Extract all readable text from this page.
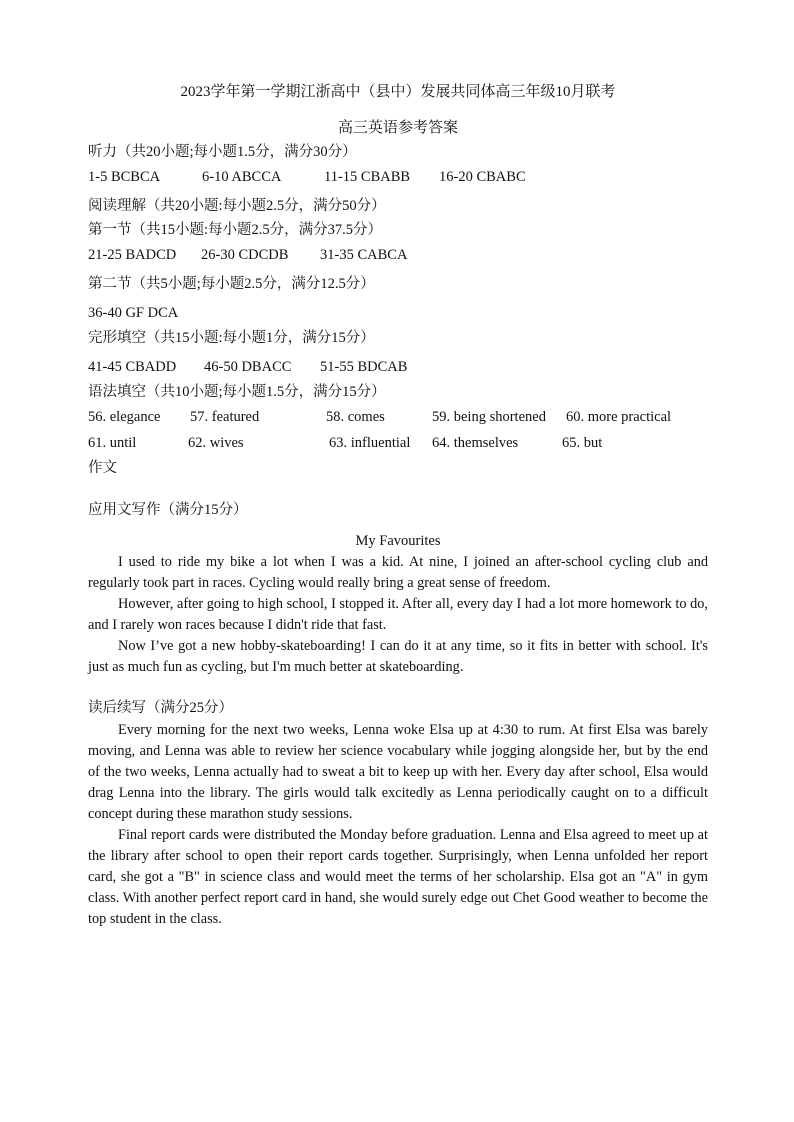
2023学年第一学期江浙高中（县中）发展共同体高三年级10月联考
高三英语参考答案
听力（共20小题;每小题1.5分，满分30分）
1-5 BCBCA	6-10 ABCCA	11-15 CBABB 16-20 CBABC
阅读理解（共20小题:每小题2.5分，满分50分）
第一节（共15小题:每小题2.5分，满分37.5分）
21-25 BADCD 26-30 CDCDB 31-35 CABCA
第二节（共5小题;每小题2.5分，满分12.5分）
36-40 GF DCA
完形填空（共15小题:每小题1分，满分15分）
41-45 CBADD 46-50 DBACC 51-55 BDCAB
语法填空（共10小题;每小题1.5分，满分15分）
56. elegance 57. featured	58. comes	59. being shortened 60. more practical
61. until	62. wives	63. influential 64. themselves	65. but
作文
应用文写作（满分15分）
My Favourites

I used to ride my bike a lot when I was a kid. At nine, I joined an after-school cycling club and regularly took part in races. Cycling would really bring a great sense of freedom.

However, after going to high school, I stopped it. After all, every day I had a lot more homework to do, and I rarely won races because I didn't ride that fast.

Now I’ve got a new hobby-skateboarding! I can do it at any time, so it fits in better with school. It's just as much fun as cycling, but I'm much better at skateboarding.

读后续写（满分25分）

Every morning for the next two weeks, Lenna woke Elsa up at 4:30 to rum. At first Elsa was barely moving, and Lenna was able to review her science vocabulary while jogging alongside her, but by the end of the two weeks, Lenna actually had to sweat a bit to keep up with her. Every day after school, Elsa would drag Lenna into the library. The girls would talk excitedly as Lenna periodically caught on to a difficult concept during these marathon study sessions.

Final report cards were distributed the Monday before graduation. Lenna and Elsa agreed to meet up at the library after school to open their report cards together. Surprisingly, when Lenna unfolded her report card, she got a "B" in science class and would meet the terms of her scholarship. Elsa got an "A" in gym class. With another perfect report card in hand, she would surely edge out Chet Good weather to become the top student in the class.
